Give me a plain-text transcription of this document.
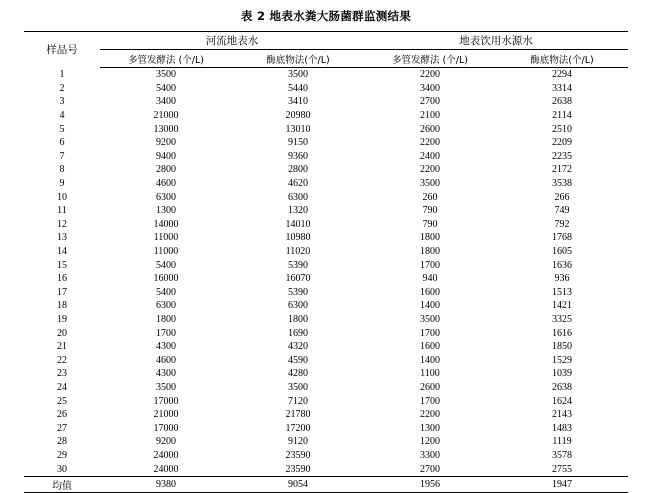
表 2 地表水粪大肠菌群监测结果

样品号	河流地表水		地表饮用水源水	
	多管发酵法 (个/L)	酶底物法(个/L)	多管发酵法 (个/L)	酶底物法(个/L)
1	3500	3500	2200	2294
2	5400	5440	3400	3314
3	3400	3410	2700	2638
4	21000	20980	2100	2114
5	13000	13010	2600	2510
6	9200	9150	2200	2209
7	9400	9360	2400	2235
8	2800	2800	2200	2172
9	4600	4620	3500	3538
10	6300	6300	260	266
11	1300	1320	790	749
12	14000	14010	790	792
13	11000	10980	1800	1768
14	11000	11020	1800	1605
15	5400	5390	1700	1636
16	16000	16070	940	936
17	5400	5390	1600	1513
18	6300	6300	1400	1421
19	1800	1800	3500	3325
20	1700	1690	1700	1616
21	4300	4320	1600	1850
22	4600	4590	1400	1529
23	4300	4280	1100	1039
24	3500	3500	2600	2638
25	17000	7120	1700	1624
26	21000	21780	2200	2143
27	17000	17200	1300	1483
28	9200	9120	1200	1119
29	24000	23590	3300	3578
30	24000	23590	2700	2755
均值	9380	9054	1956	1947
